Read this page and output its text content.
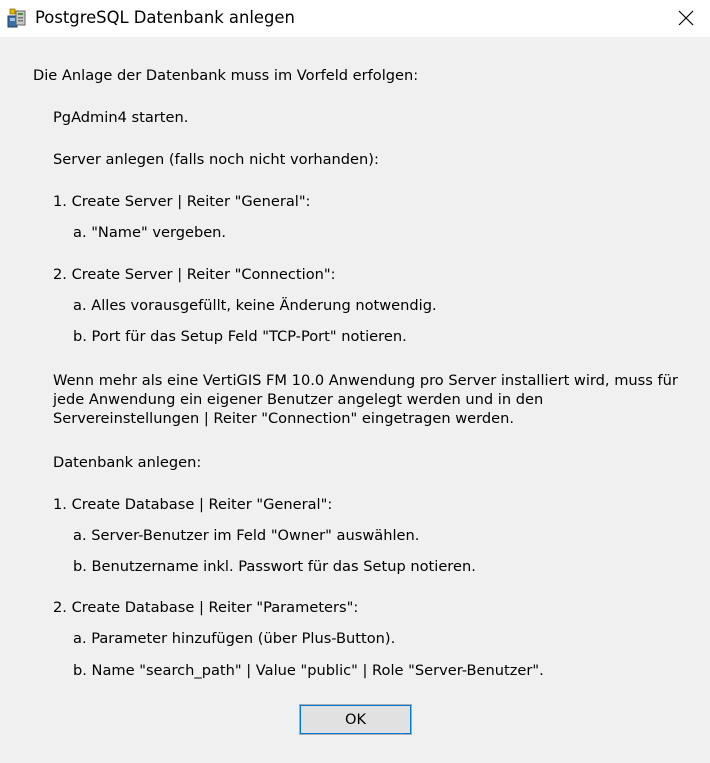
PostgreSQL Datenbank anlegen
Die Anlage der Datenbank muss im Vorfeld erfolgen:
PgAdmin4 starten.
Server anlegen (falls noch nicht vorhanden):
1. Create Server | Reiter "General":
a. "Name" vergeben.
2. Create Server | Reiter "Connection":
a. Alles vorausgefüllt, keine Änderung notwendig.
b. Port für das Setup Feld "TCP-Port" notieren.
Wenn mehr als eine VertiGIS FM 10.0 Anwendung pro Server installiert wird, muss für jede Anwendung ein eigener Benutzer angelegt werden und in den Servereinstellungen | Reiter "Connection" eingetragen werden.
Datenbank anlegen:
1. Create Database | Reiter "General":
a. Server-Benutzer im Feld "Owner" auswählen.
b. Benutzername inkl. Passwort für das Setup notieren.
2. Create Database | Reiter "Parameters":
a. Parameter hinzufügen (über Plus-Button).
b. Name "search_path" | Value "public" | Role "Server-Benutzer".
OK
